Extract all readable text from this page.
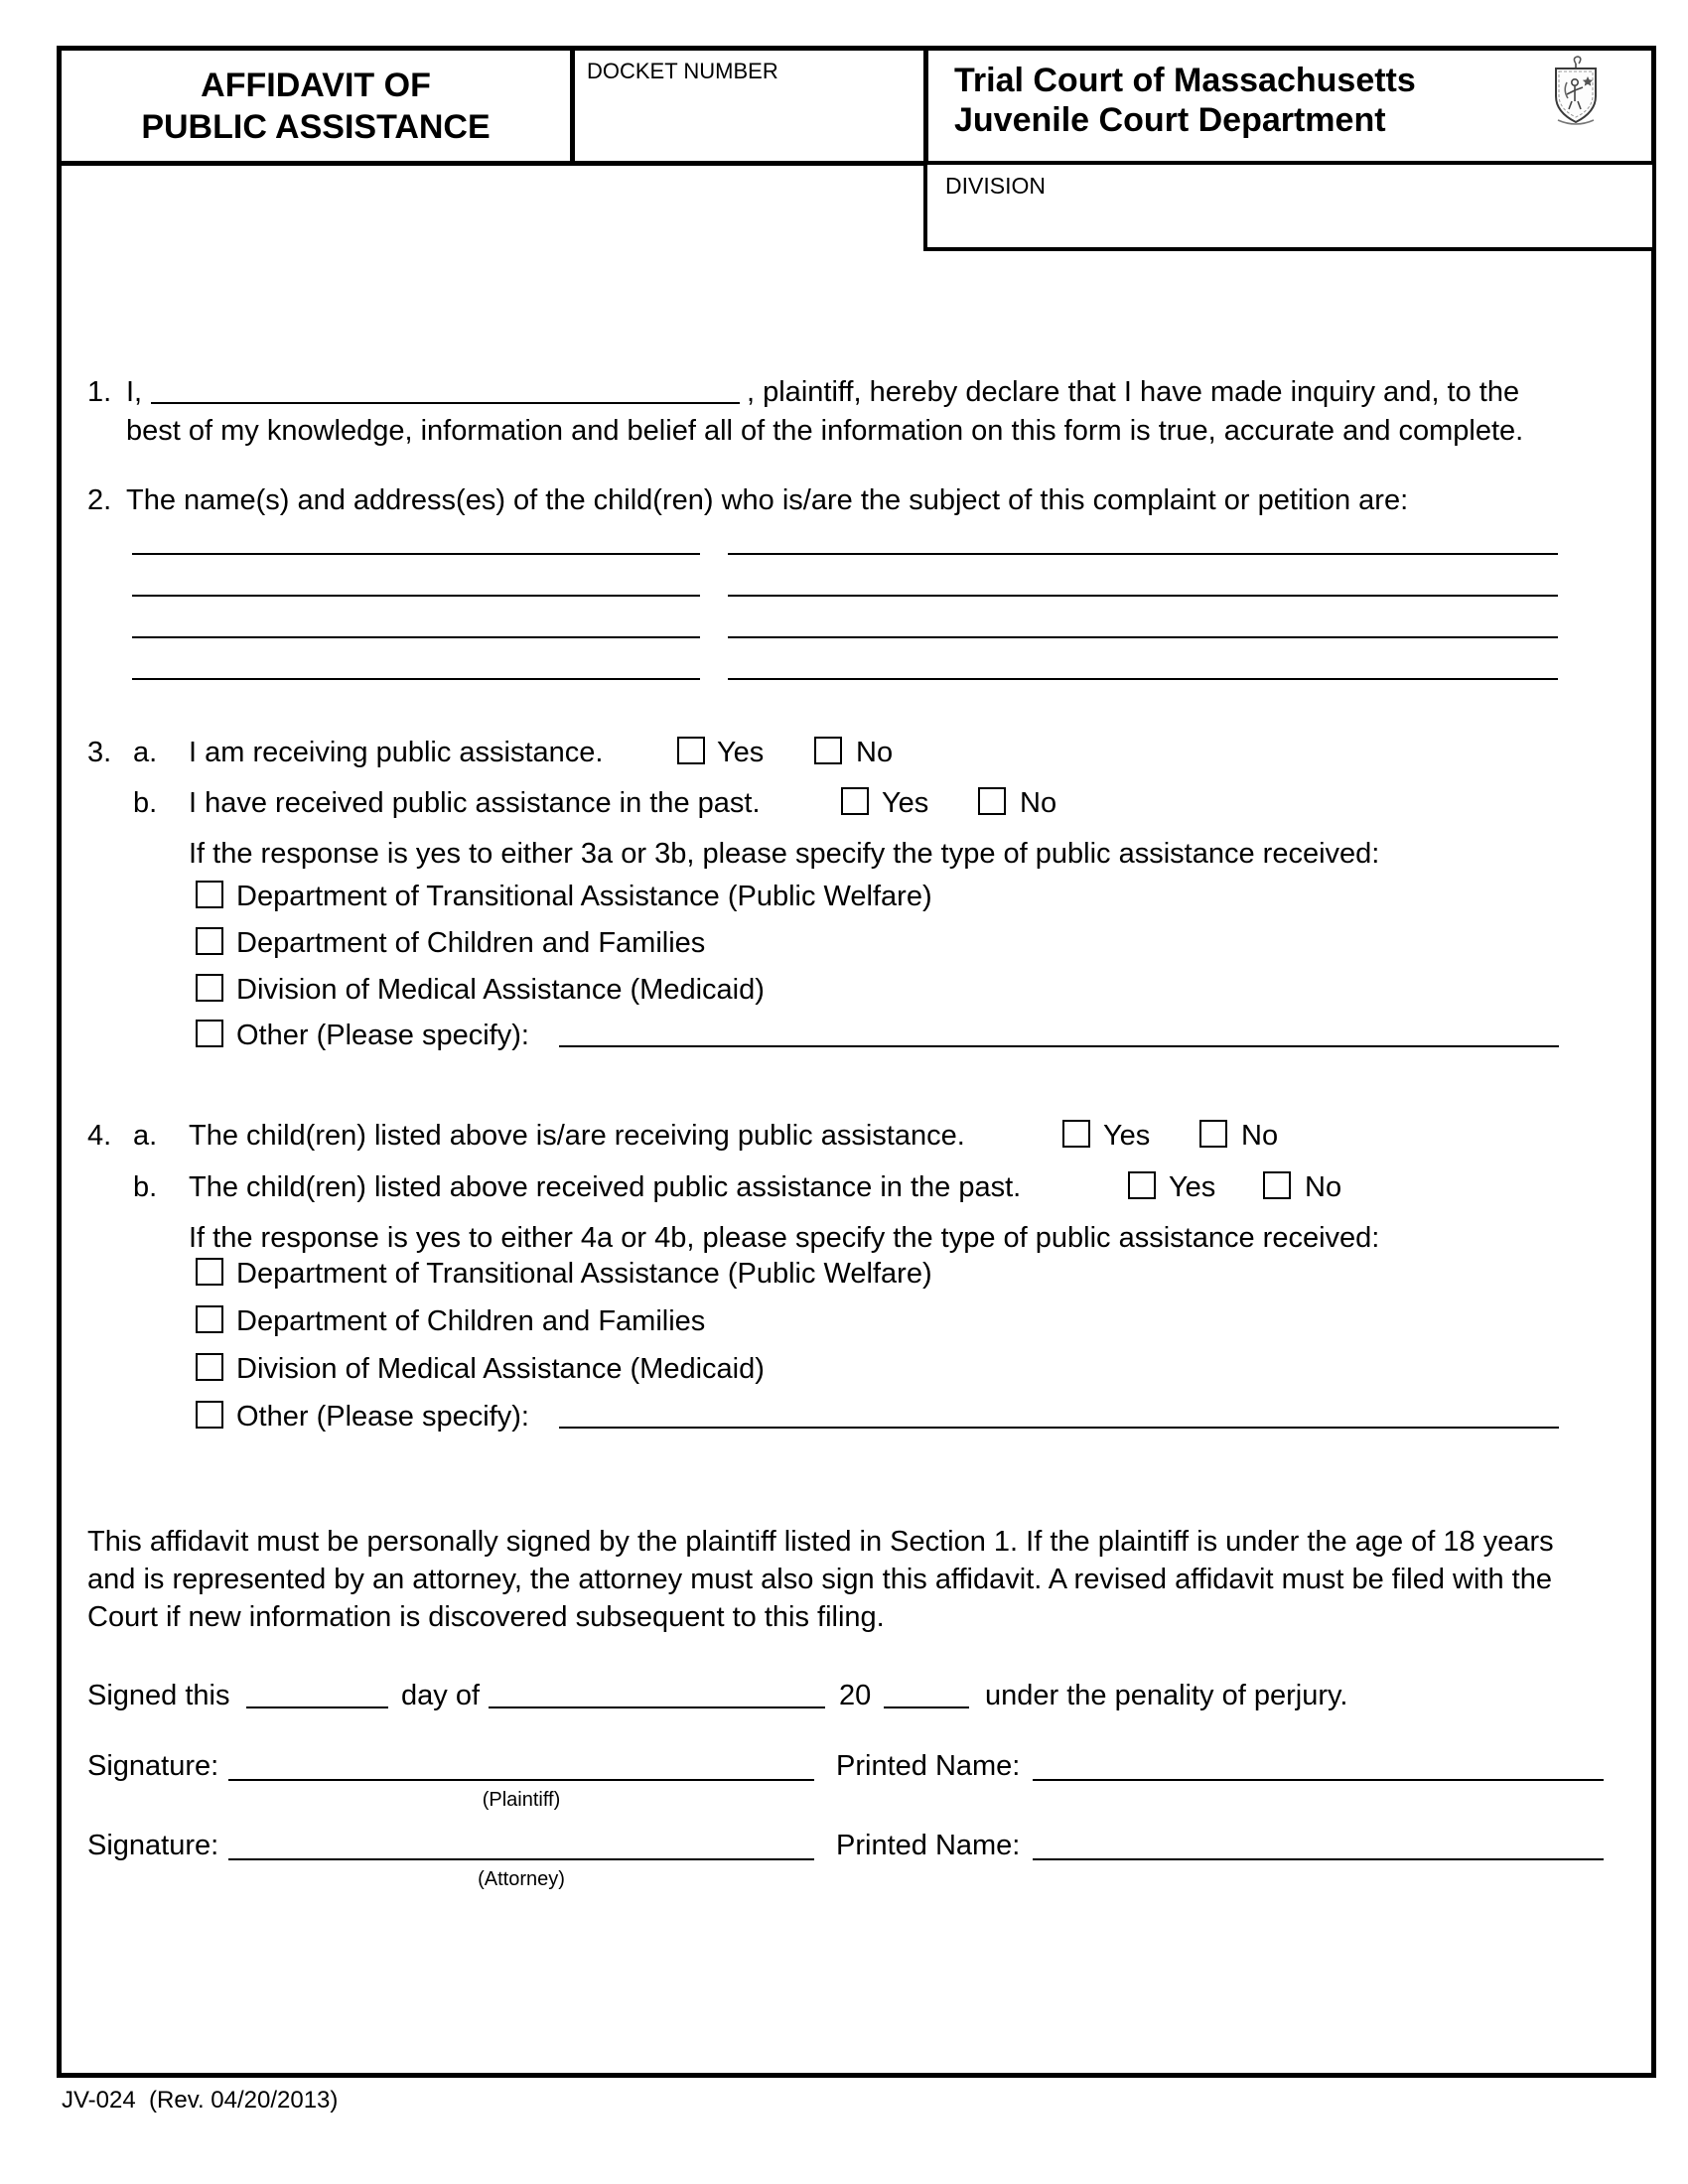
AFFIDAVIT OF
PUBLIC ASSISTANCE
DOCKET NUMBER	Trial Court of Massachusetts
Juvenile Court Department
DIVISION
1. I,	, plaintiff, hereby declare that I have made inquiry and, to the
best of my knowledge, information and belief all of the information on this form is true, accurate and complete.
2. The name(s) and address(es) of the child(ren) who is/are the subject of this complaint or petition are:
3. a. I am receiving public assistance.	Yes	No
b. I have received public assistance in the past.	Yes	No
If the response is yes to either 3a or 3b, please specify the type of public assistance received:
Department of Transitional Assistance (Public Welfare)
Department of Children and Families
Division of Medical Assistance (Medicaid)
Other (Please specify):
4. a. The child(ren) listed above is/are receiving public assistance.	Yes	No
b. The child(ren) listed above received public assistance in the past.	Yes	No
If the response is yes to either 4a or 4b, please specify the type of public assistance received:
Department of Transitional Assistance (Public Welfare)
Department of Children and Families
Division of Medical Assistance (Medicaid)
Other (Please specify):
This affidavit must be personally signed by the plaintiff listed in Section 1. If the plaintiff is under the age of 18 years and is represented by an attorney, the attorney must also sign this affidavit. A revised affidavit must be filed with the Court if new information is discovered subsequent to this filing.
Signed this	day of	20	under the penality of perjury.
Signature:
(Plaintiff)
Printed Name:
Signature:
(Attorney)
Printed Name:
JV-024  (Rev. 04/20/2013)
